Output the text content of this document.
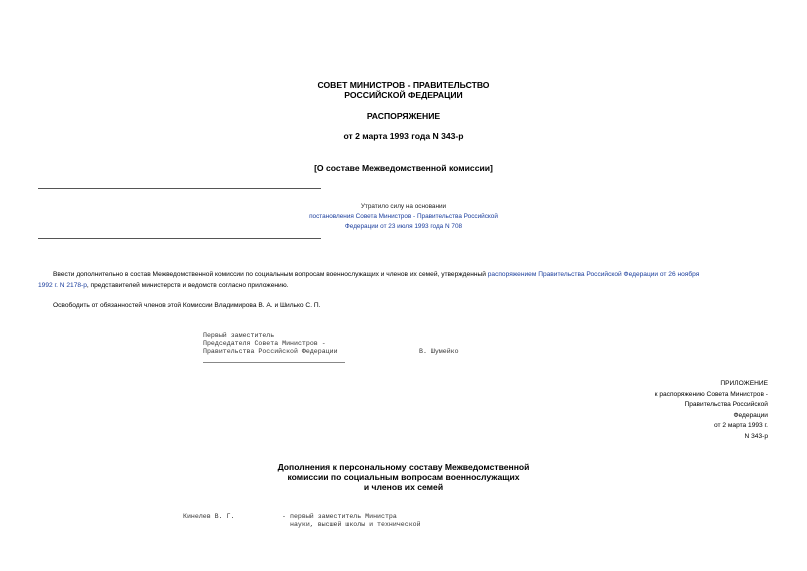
СОВЕТ МИНИСТРОВ - ПРАВИТЕЛЬСТВО
РОССИЙСКОЙ ФЕДЕРАЦИИ
РАСПОРЯЖЕНИЕ
от 2 марта 1993 года N 343-р
[О составе Межведомственной комиссии]
Утратило силу на основании
постановления Совета Министров - Правительства Российской
Федерации от 23 июля 1993 года N 708
Ввести дополнительно в состав Межведомственной комиссии по социальным вопросам военнослужащих и членов их семей, утвержденный распоряжением Правительства Российской Федерации от 26 ноября
1992 г. N 2178-р, представителей министерств и ведомств согласно приложению.
Освободить от обязанностей членов этой Комиссии Владимирова В. А. и Шилько С. П.
Первый заместитель
Председателя Совета Министров -
Правительства Российской Федерации	В. Шумейко
ПРИЛОЖЕНИЕ
к распоряжению Совета Министров -
Правительства Российской
Федерации
от 2 марта 1993 г.
N 343-р
Дополнения к персональному составу Межведомственной
комиссии по социальным вопросам военнослужащих
и членов их семей
Кинелев В. Г.	- первый заместитель Министра
науки, высшей школы и технической
